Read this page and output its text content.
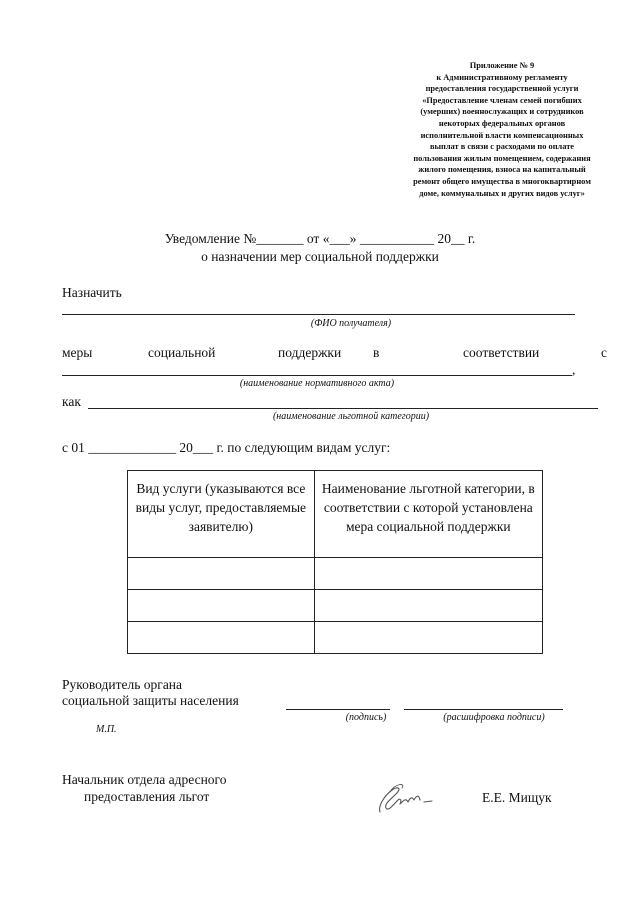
Приложение № 9
к Административному регламенту
предоставления государственной услуги
«Предоставление членам семей погибших
(умерших) военнослужащих и сотрудников
некоторых федеральных органов
исполнительной власти компенсационных
выплат в связи с расходами по оплате
пользования жилым помещением, содержания
жилого помещения, взноса на капитальный
ремонт общего имущества в многоквартирном
доме, коммунальных и других видов услуг»
Уведомление №_______ от «___» ___________ 20__ г.
о назначении мер социальной поддержки
Назначить
(ФИО получателя)
меры	социальной	поддержки в	соответствии	с
,
(наименование нормативного акта)
как
(наименование льготной категории)
с 01 _____________ 20___ г. по следующим видам услуг:
Вид услуги (указываются все виды услуг, предоставляемые заявителю)	Наименование льготной категории, в соответствии с которой установлена мера социальной поддержки

Руководитель органа
социальной защиты населения
(подпись)	(расшифровка подписи)
М.П.
Начальник отдела адресного
предоставления льгот	Е.Е. Мищук
